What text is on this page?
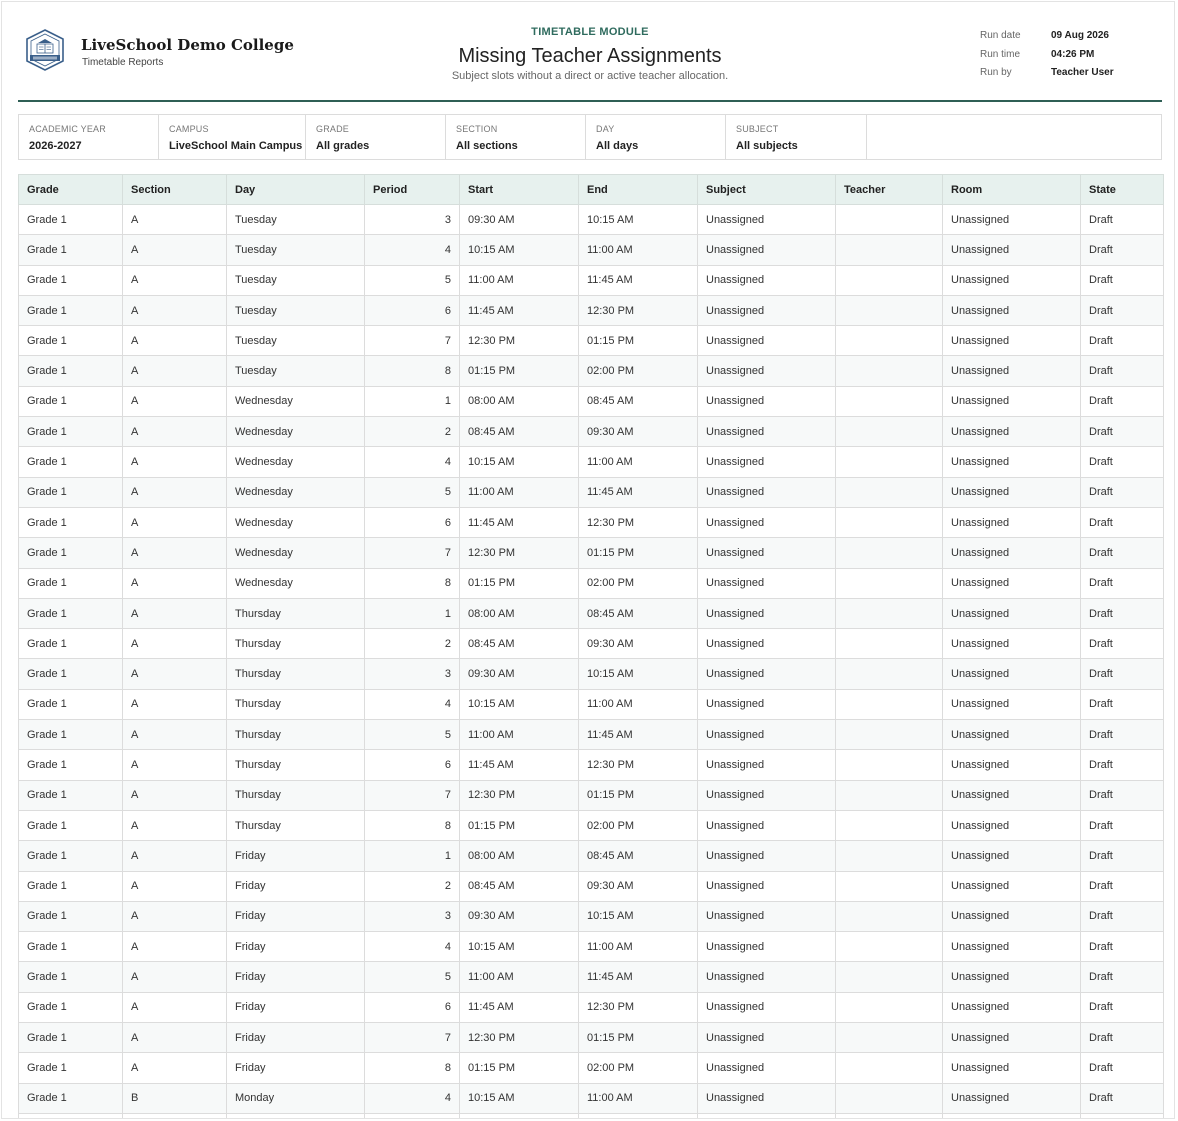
LiveSchool Demo College
Timetable Reports
TIMETABLE MODULE
Missing Teacher Assignments
Subject slots without a direct or active teacher allocation.
Run date	09 Aug 2026
Run time	04:26 PM
Run by	Teacher User
ACADEMIC YEAR
2026-2027
CAMPUS
LiveSchool Main Campus
GRADE
All grades
SECTION
All sections
DAY
All days
SUBJECT
All subjects
Grade	Section	Day	Period	Start	End	Subject	Teacher	Room	State
Grade 1	A	Tuesday	3	09:30 AM	10:15 AM	Unassigned		Unassigned	Draft
Grade 1	A	Tuesday	4	10:15 AM	11:00 AM	Unassigned		Unassigned	Draft
Grade 1	A	Tuesday	5	11:00 AM	11:45 AM	Unassigned		Unassigned	Draft
Grade 1	A	Tuesday	6	11:45 AM	12:30 PM	Unassigned		Unassigned	Draft
Grade 1	A	Tuesday	7	12:30 PM	01:15 PM	Unassigned		Unassigned	Draft
Grade 1	A	Tuesday	8	01:15 PM	02:00 PM	Unassigned		Unassigned	Draft
Grade 1	A	Wednesday	1	08:00 AM	08:45 AM	Unassigned		Unassigned	Draft
Grade 1	A	Wednesday	2	08:45 AM	09:30 AM	Unassigned		Unassigned	Draft
Grade 1	A	Wednesday	4	10:15 AM	11:00 AM	Unassigned		Unassigned	Draft
Grade 1	A	Wednesday	5	11:00 AM	11:45 AM	Unassigned		Unassigned	Draft
Grade 1	A	Wednesday	6	11:45 AM	12:30 PM	Unassigned		Unassigned	Draft
Grade 1	A	Wednesday	7	12:30 PM	01:15 PM	Unassigned		Unassigned	Draft
Grade 1	A	Wednesday	8	01:15 PM	02:00 PM	Unassigned		Unassigned	Draft
Grade 1	A	Thursday	1	08:00 AM	08:45 AM	Unassigned		Unassigned	Draft
Grade 1	A	Thursday	2	08:45 AM	09:30 AM	Unassigned		Unassigned	Draft
Grade 1	A	Thursday	3	09:30 AM	10:15 AM	Unassigned		Unassigned	Draft
Grade 1	A	Thursday	4	10:15 AM	11:00 AM	Unassigned		Unassigned	Draft
Grade 1	A	Thursday	5	11:00 AM	11:45 AM	Unassigned		Unassigned	Draft
Grade 1	A	Thursday	6	11:45 AM	12:30 PM	Unassigned		Unassigned	Draft
Grade 1	A	Thursday	7	12:30 PM	01:15 PM	Unassigned		Unassigned	Draft
Grade 1	A	Thursday	8	01:15 PM	02:00 PM	Unassigned		Unassigned	Draft
Grade 1	A	Friday	1	08:00 AM	08:45 AM	Unassigned		Unassigned	Draft
Grade 1	A	Friday	2	08:45 AM	09:30 AM	Unassigned		Unassigned	Draft
Grade 1	A	Friday	3	09:30 AM	10:15 AM	Unassigned		Unassigned	Draft
Grade 1	A	Friday	4	10:15 AM	11:00 AM	Unassigned		Unassigned	Draft
Grade 1	A	Friday	5	11:00 AM	11:45 AM	Unassigned		Unassigned	Draft
Grade 1	A	Friday	6	11:45 AM	12:30 PM	Unassigned		Unassigned	Draft
Grade 1	A	Friday	7	12:30 PM	01:15 PM	Unassigned		Unassigned	Draft
Grade 1	A	Friday	8	01:15 PM	02:00 PM	Unassigned		Unassigned	Draft
Grade 1	B	Monday	4	10:15 AM	11:00 AM	Unassigned		Unassigned	Draft
